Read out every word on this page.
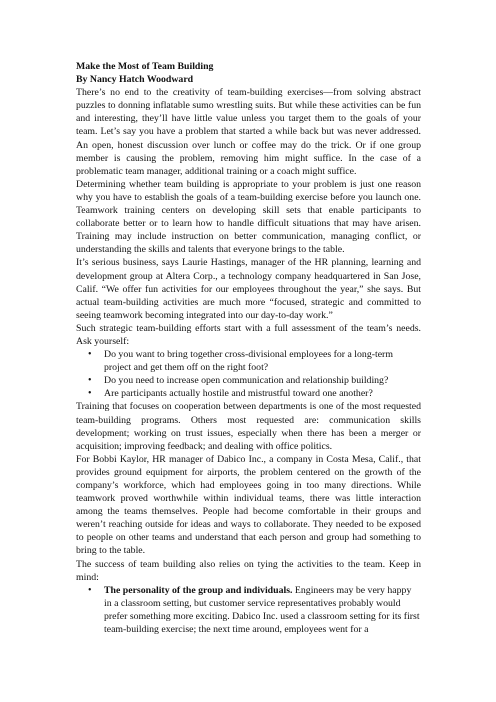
Make the Most of Team Building
By Nancy Hatch Woodward

There’s no end to the creativity of team-building exercises—from solving abstract puzzles to donning inflatable sumo wrestling suits. But while these activities can be fun and interesting, they’ll have little value unless you target them to the goals of your team. Let’s say you have a problem that started a while back but was never addressed. An open, honest discussion over lunch or coffee may do the trick. Or if one group member is causing the problem, removing him might suffice. In the case of a problematic team manager, additional training or a coach might suffice.

Determining whether team building is appropriate to your problem is just one reason why you have to establish the goals of a team-building exercise before you launch one. Teamwork training centers on developing skill sets that enable participants to collaborate better or to learn how to handle difficult situations that may have arisen. Training may include instruction on better communication, managing conflict, or understanding the skills and talents that everyone brings to the table.

It’s serious business, says Laurie Hastings, manager of the HR planning, learning and development group at Altera Corp., a technology company headquartered in San Jose, Calif. “We offer fun activities for our employees throughout the year,” she says. But actual team-building activities are much more “focused, strategic and committed to seeing teamwork becoming integrated into our day-to-day work.”

Such strategic team-building efforts start with a full assessment of the team’s needs. Ask yourself:

• Do you want to bring together cross-divisional employees for a long-term project and get them off on the right foot?
• Do you need to increase open communication and relationship building?
• Are participants actually hostile and mistrustful toward one another?

Training that focuses on cooperation between departments is one of the most requested team-building programs. Others most requested are: communication skills development; working on trust issues, especially when there has been a merger or acquisition; improving feedback; and dealing with office politics.

For Bobbi Kaylor, HR manager of Dabico Inc., a company in Costa Mesa, Calif., that provides ground equipment for airports, the problem centered on the growth of the company’s workforce, which had employees going in too many directions. While teamwork proved worthwhile within individual teams, there was little interaction among the teams themselves. People had become comfortable in their groups and weren’t reaching outside for ideas and ways to collaborate. They needed to be exposed to people on other teams and understand that each person and group had something to bring to the table.

The success of team building also relies on tying the activities to the team. Keep in mind:

• The personality of the group and individuals. Engineers may be very happy in a classroom setting, but customer service representatives probably would prefer something more exciting. Dabico Inc. used a classroom setting for its first team-building exercise; the next time around, employees went for a
